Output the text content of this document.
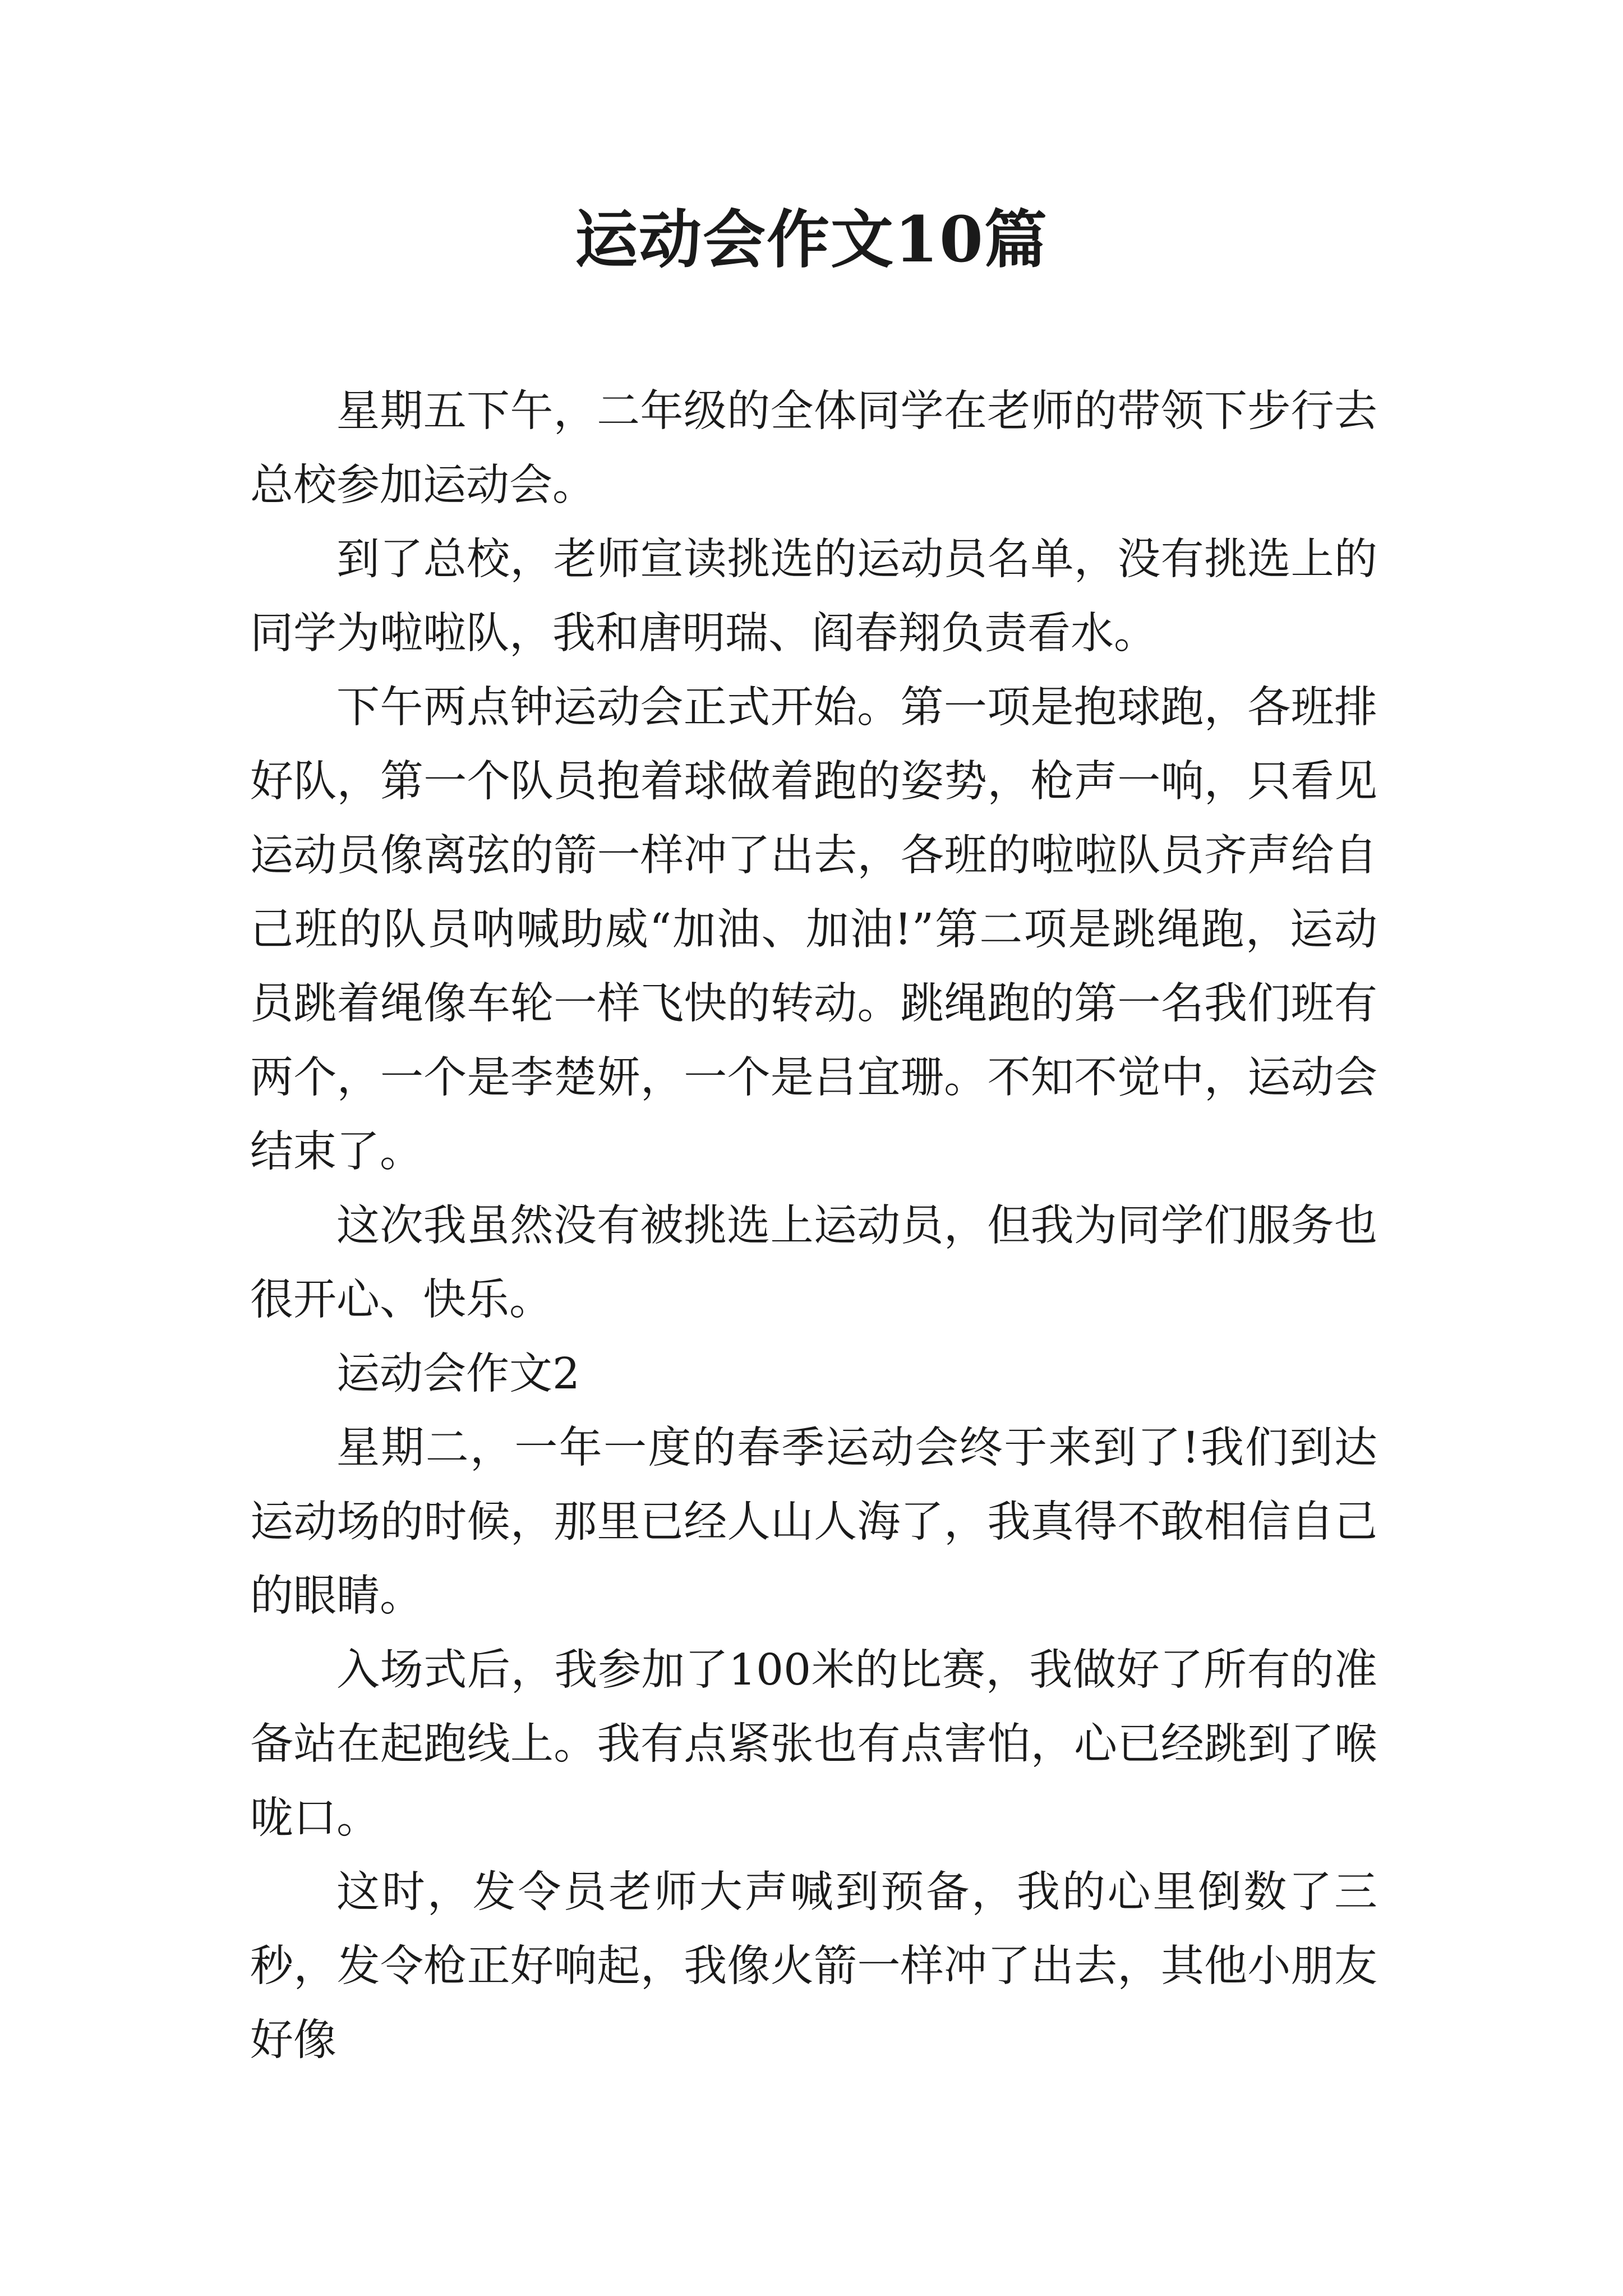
运动会作文10篇

星期五下午，二年级的全体同学在老师的带领下步行去总校参加运动会。

到了总校，老师宣读挑选的运动员名单，没有挑选上的同学为啦啦队，我和唐明瑞、阎春翔负责看水。

下午两点钟运动会正式开始。第一项是抱球跑，各班排好队，第一个队员抱着球做着跑的姿势，枪声一响，只看见运动员像离弦的箭一样冲了出去，各班的啦啦队员齐声给自己班的队员呐喊助威“加油、加油!”第二项是跳绳跑，运动员跳着绳像车轮一样飞快的转动。跳绳跑的第一名我们班有两个，一个是李楚妍，一个是吕宜珊。不知不觉中，运动会结束了。

这次我虽然没有被挑选上运动员，但我为同学们服务也很开心、快乐。

运动会作文2

星期二，一年一度的春季运动会终于来到了!我们到达运动场的时候，那里已经人山人海了，我真得不敢相信自己的眼睛。

入场式后，我参加了100米的比赛，我做好了所有的准备站在起跑线上。我有点紧张也有点害怕，心已经跳到了喉咙口。

这时，发令员老师大声喊到预备，我的心里倒数了三秒，发令枪正好响起，我像火箭一样冲了出去，其他小朋友好像
